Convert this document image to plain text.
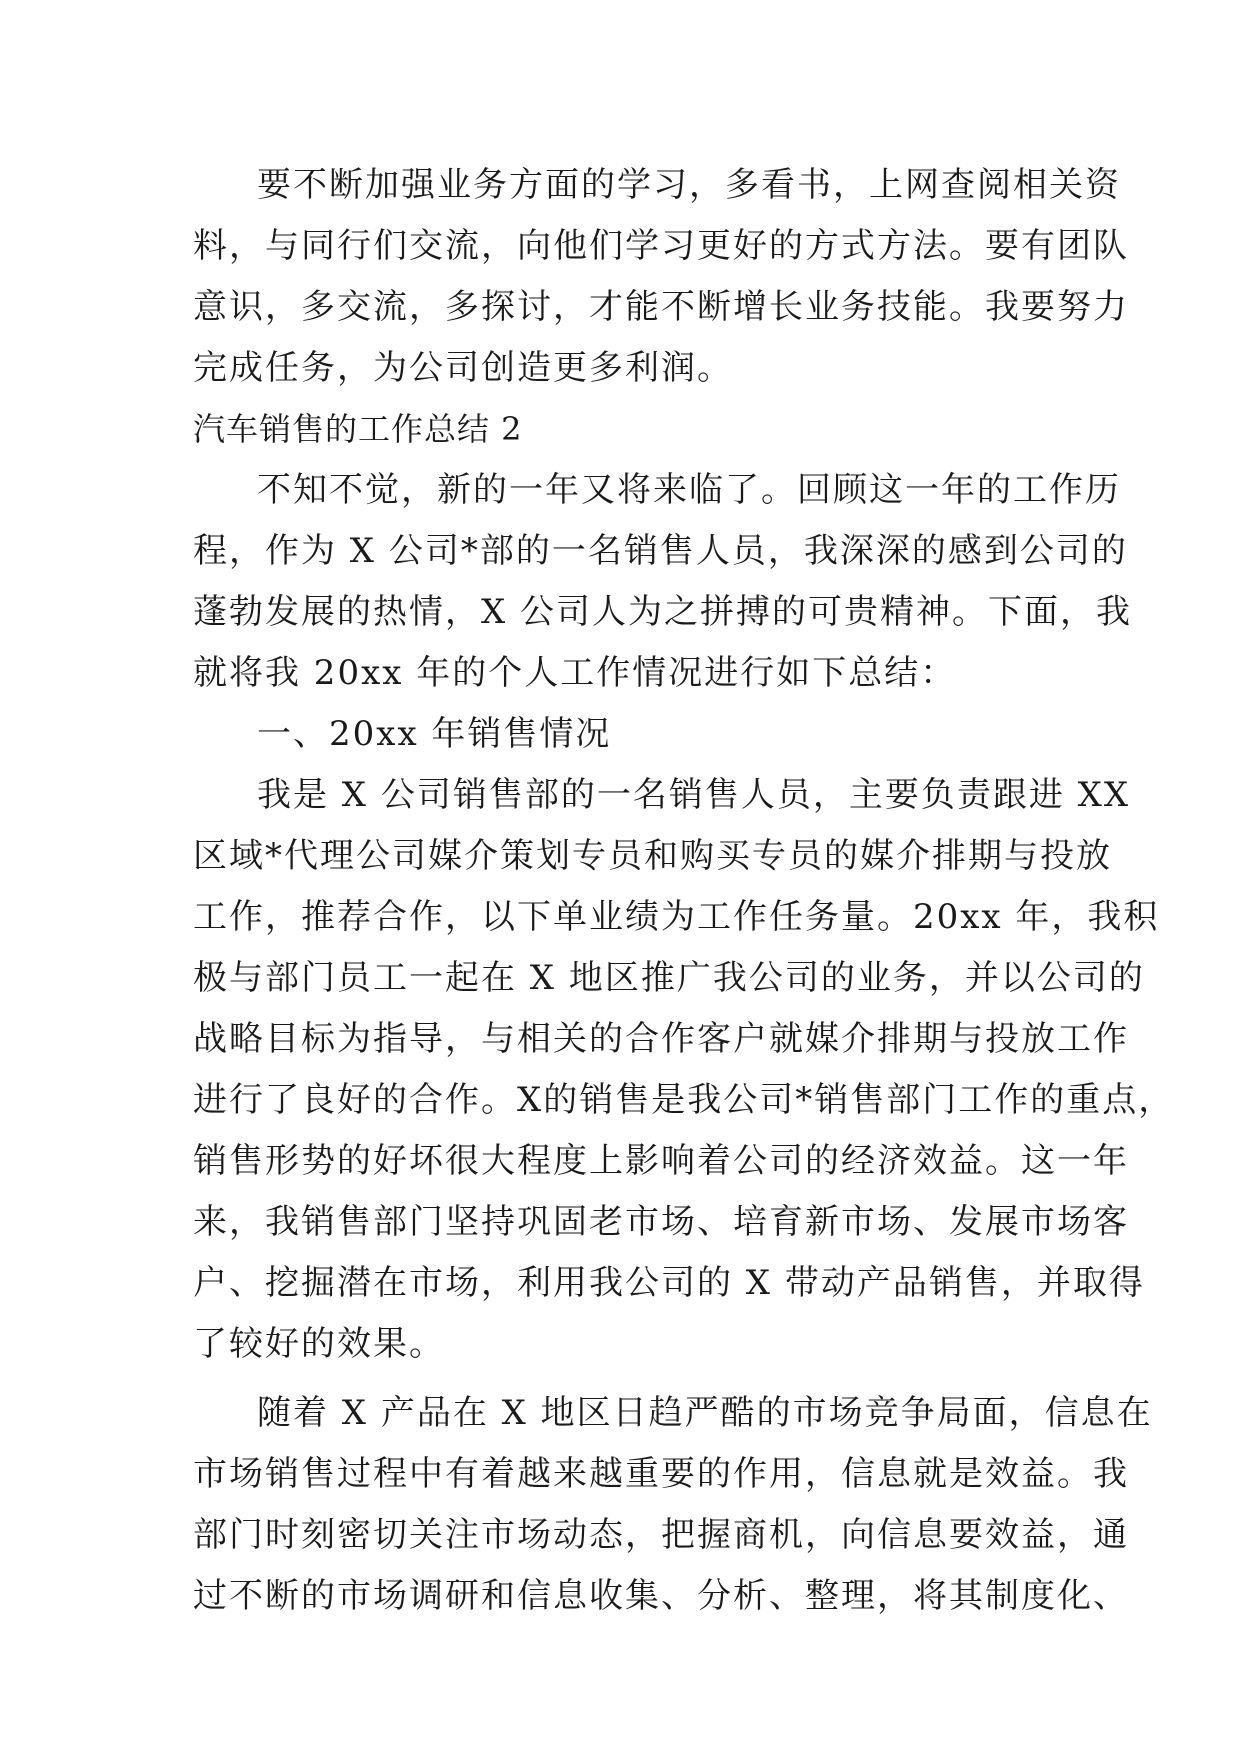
要不断加强业务方面的学习，多看书，上网查阅相关资
料，与同行们交流，向他们学习更好的方式方法。要有团队
意识，多交流，多探讨，才能不断增长业务技能。我要努力
完成任务，为公司创造更多利润。
汽车销售的工作总结 2
不知不觉，新的一年又将来临了。回顾这一年的工作历
程，作为 X 公司*部的一名销售人员，我深深的感到公司的
蓬勃发展的热情，X 公司人为之拼搏的可贵精神。下面，我
就将我 20xx 年的个人工作情况进行如下总结：
一、20xx 年销售情况
我是 X 公司销售部的一名销售人员，主要负责跟进 XX
区域*代理公司媒介策划专员和购买专员的媒介排期与投放
工作，推荐合作，以下单业绩为工作任务量。20xx 年，我积
极与部门员工一起在 X 地区推广我公司的业务，并以公司的
战略目标为指导，与相关的合作客户就媒介排期与投放工作
进行了良好的合作。X的销售是我公司*销售部门工作的重点，
销售形势的好坏很大程度上影响着公司的经济效益。这一年
来，我销售部门坚持巩固老市场、培育新市场、发展市场客
户、挖掘潜在市场，利用我公司的 X 带动产品销售，并取得
了较好的效果。
随着 X 产品在 X 地区日趋严酷的市场竞争局面，信息在
市场销售过程中有着越来越重要的作用，信息就是效益。我
部门时刻密切关注市场动态，把握商机，向信息要效益，通
过不断的市场调研和信息收集、分析、整理，将其制度化、
